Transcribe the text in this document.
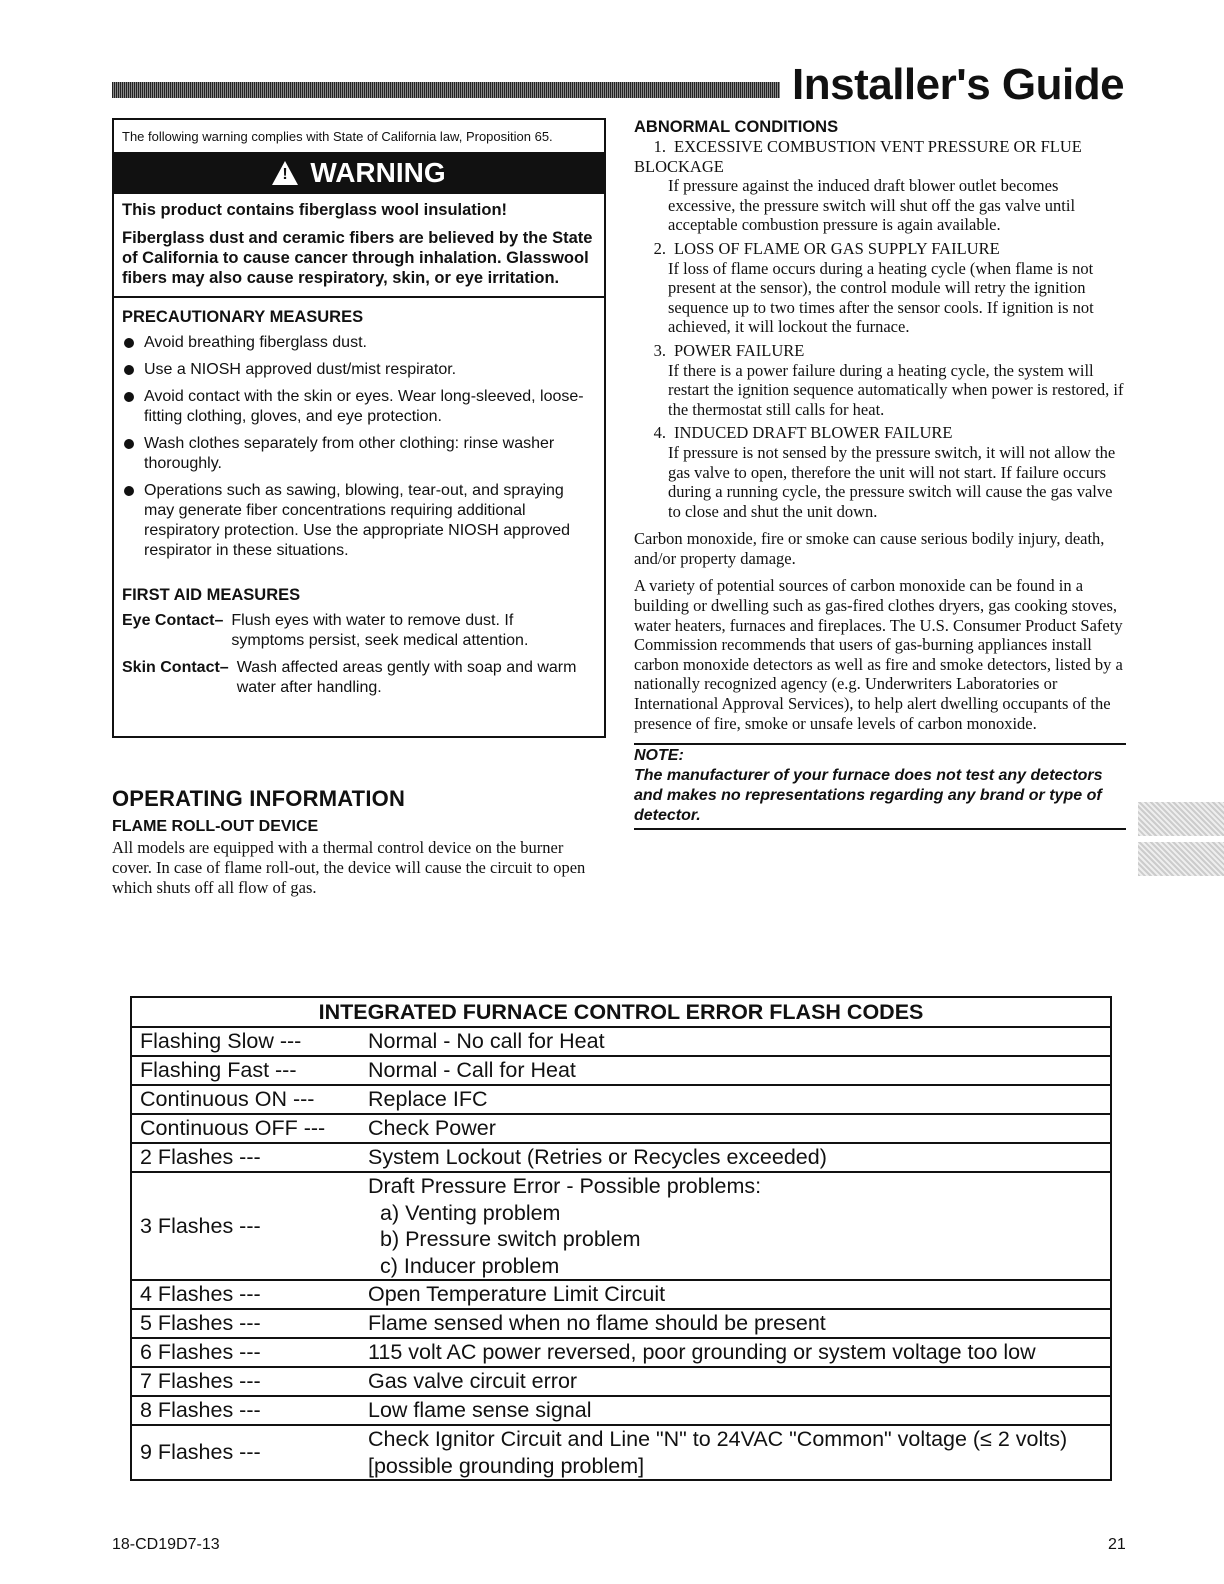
Installer's Guide
The following warning complies with State of California law, Proposition 65.
! WARNING

This product contains fiberglass wool insulation!

Fiberglass dust and ceramic fibers are believed by the State of California to cause cancer through inhalation. Glasswool fibers may also cause respiratory, skin, or eye irritation.

PRECAUTIONARY MEASURES
Avoid breathing fiberglass dust.
Use a NIOSH approved dust/mist respirator.
Avoid contact with the skin or eyes. Wear long-sleeved, loose-fitting clothing, gloves, and eye protection.
Wash clothes separately from other clothing: rinse washer thoroughly.
Operations such as sawing, blowing, tear-out, and spraying may generate fiber concentrations requiring additional respiratory protection. Use the appropriate NIOSH approved respirator in these situations.
FIRST AID MEASURES
Eye Contact – Flush eyes with water to remove dust. If symptoms persist, seek medical attention.
Skin Contact – Wash affected areas gently with soap and warm water after handling.
OPERATING INFORMATION
FLAME ROLL-OUT DEVICE
All models are equipped with a thermal control device on the burner cover. In case of flame roll-out, the device will cause the circuit to open which shuts off all flow of gas.
ABNORMAL CONDITIONS
1. EXCESSIVE COMBUSTION VENT PRESSURE OR FLUE BLOCKAGE
If pressure against the induced draft blower outlet becomes excessive, the pressure switch will shut off the gas valve until acceptable combustion pressure is again available.
2. LOSS OF FLAME OR GAS SUPPLY FAILURE
If loss of flame occurs during a heating cycle (when flame is not present at the sensor), the control module will retry the ignition sequence up to two times after the sensor cools. If ignition is not achieved, it will lockout the furnace.
3. POWER FAILURE
If there is a power failure during a heating cycle, the system will restart the ignition sequence automatically when power is restored, if the thermostat still calls for heat.
4. INDUCED DRAFT BLOWER FAILURE
If pressure is not sensed by the pressure switch, it will not allow the gas valve to open, therefore the unit will not start. If failure occurs during a running cycle, the pressure switch will cause the gas valve to close and shut the unit down.

Carbon monoxide, fire or smoke can cause serious bodily injury, death, and/or property damage.

A variety of potential sources of carbon monoxide can be found in a building or dwelling such as gas-fired clothes dryers, gas cooking stoves, water heaters, furnaces and fireplaces. The U.S. Consumer Product Safety Commission recommends that users of gas-burning appliances install carbon monoxide detectors as well as fire and smoke detectors, listed by a nationally recognized agency (e.g. Underwriters Laboratories or International Approval Services), to help alert dwelling occupants of the presence of fire, smoke or unsafe levels of carbon monoxide.

NOTE:
The manufacturer of your furnace does not test any detectors and makes no representations regarding any brand or type of detector.
INTEGRATED FURNACE CONTROL ERROR FLASH CODES	
Flashing Slow ---	Normal - No call for Heat
Flashing Fast ---	Normal - Call for Heat
Continuous ON ---	Replace IFC
Continuous OFF ---	Check Power
2 Flashes ---	System Lockout (Retries or Recycles exceeded)
3 Flashes ---	Draft Pressure Error - Possible problems:
a) Venting problem
b) Pressure switch problem
c) Inducer problem

4 Flashes ---	Open Temperature Limit Circuit
5 Flashes ---	Flame sensed when no flame should be present
6 Flashes ---	115 volt AC power reversed, poor grounding or system voltage too low
7 Flashes ---	Gas valve circuit error
8 Flashes ---	Low flame sense signal
9 Flashes ---	Check Ignitor Circuit and Line "N" to 24VAC "Common" voltage (≤ 2 volts)
[possible grounding problem]
18-CD19D7-13	21
